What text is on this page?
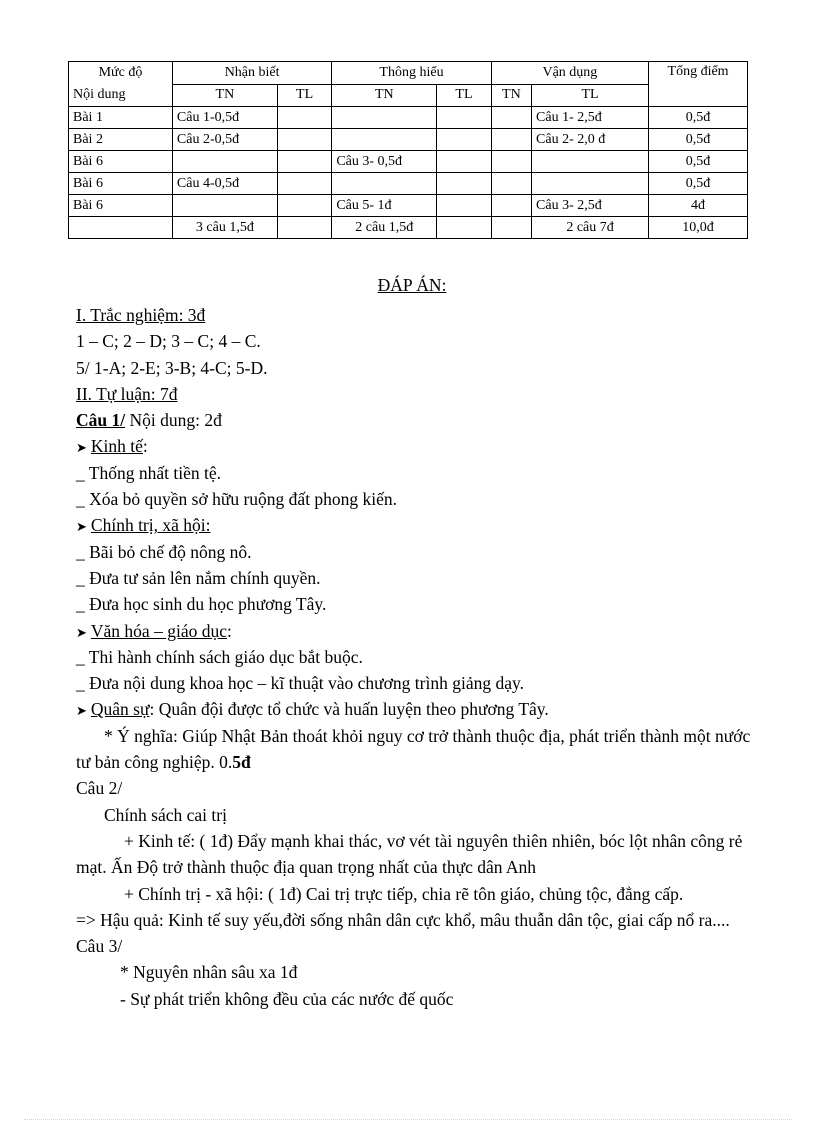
Mức độ
Nội dung	Nhận biết		Thông hiểu		Vận dụng		Tổng điểm
	TN	TL	TN	TL	TN	TL	
Bài 1	Câu 1-0,5đ					Câu 1- 2,5đ	0,5đ
Bài 2	Câu 2-0,5đ					Câu 2- 2,0 đ	0,5đ
Bài 6			Câu 3- 0,5đ				0,5đ
Bài 6	Câu 4-0,5đ						0,5đ
Bài 6			Câu 5- 1đ			Câu 3- 2,5đ	4đ
	3 câu 1,5đ		2 câu 1,5đ			2 câu 7đ	10,0đ
ĐÁP ÁN:
I. Trắc nghiệm: 3đ
1 – C; 2 – D; 3 – C; 4 – C.
5/ 1-A; 2-E; 3-B; 4-C; 5-D.
II. Tự luận: 7đ
Câu 1/ Nội dung: 2đ
➤ Kinh tế:
_ Thống nhất tiền tệ.
_ Xóa bỏ quyền sở hữu ruộng đất phong kiến.
➤ Chính trị, xã hội:
_ Bãi bỏ chế độ nông nô.
_ Đưa tư sản lên nắm chính quyền.
_ Đưa học sinh du học phương Tây.
➤ Văn hóa – giáo dục:
_ Thi hành chính sách giáo dục bắt buộc.
_ Đưa nội dung khoa học – kĩ thuật vào chương trình giảng dạy.
➤ Quân sự: Quân đội được tổ chức và huấn luyện theo phương Tây.
* Ý nghĩa: Giúp Nhật Bản thoát khỏi nguy cơ trở thành thuộc địa, phát triển thành một nước tư bản công nghiệp. 0.5đ
Câu 2/
Chính sách cai trị
+ Kinh tế: ( 1đ) Đẩy mạnh khai thác, vơ vét tài nguyên thiên nhiên, bóc lột nhân công rẻ mạt. Ấn Độ trở thành thuộc địa quan trọng nhất của thực dân Anh
+ Chính trị - xã hội: ( 1đ) Cai trị trực tiếp, chia rẽ tôn giáo, chủng tộc, đẳng cấp.
=> Hậu quả: Kinh tế suy yếu,đời sống nhân dân cực khổ, mâu thuẫn dân tộc, giai cấp nổ ra....
Câu 3/
* Nguyên nhân sâu xa 1đ
- Sự phát triển không đều của các nước đế quốc
